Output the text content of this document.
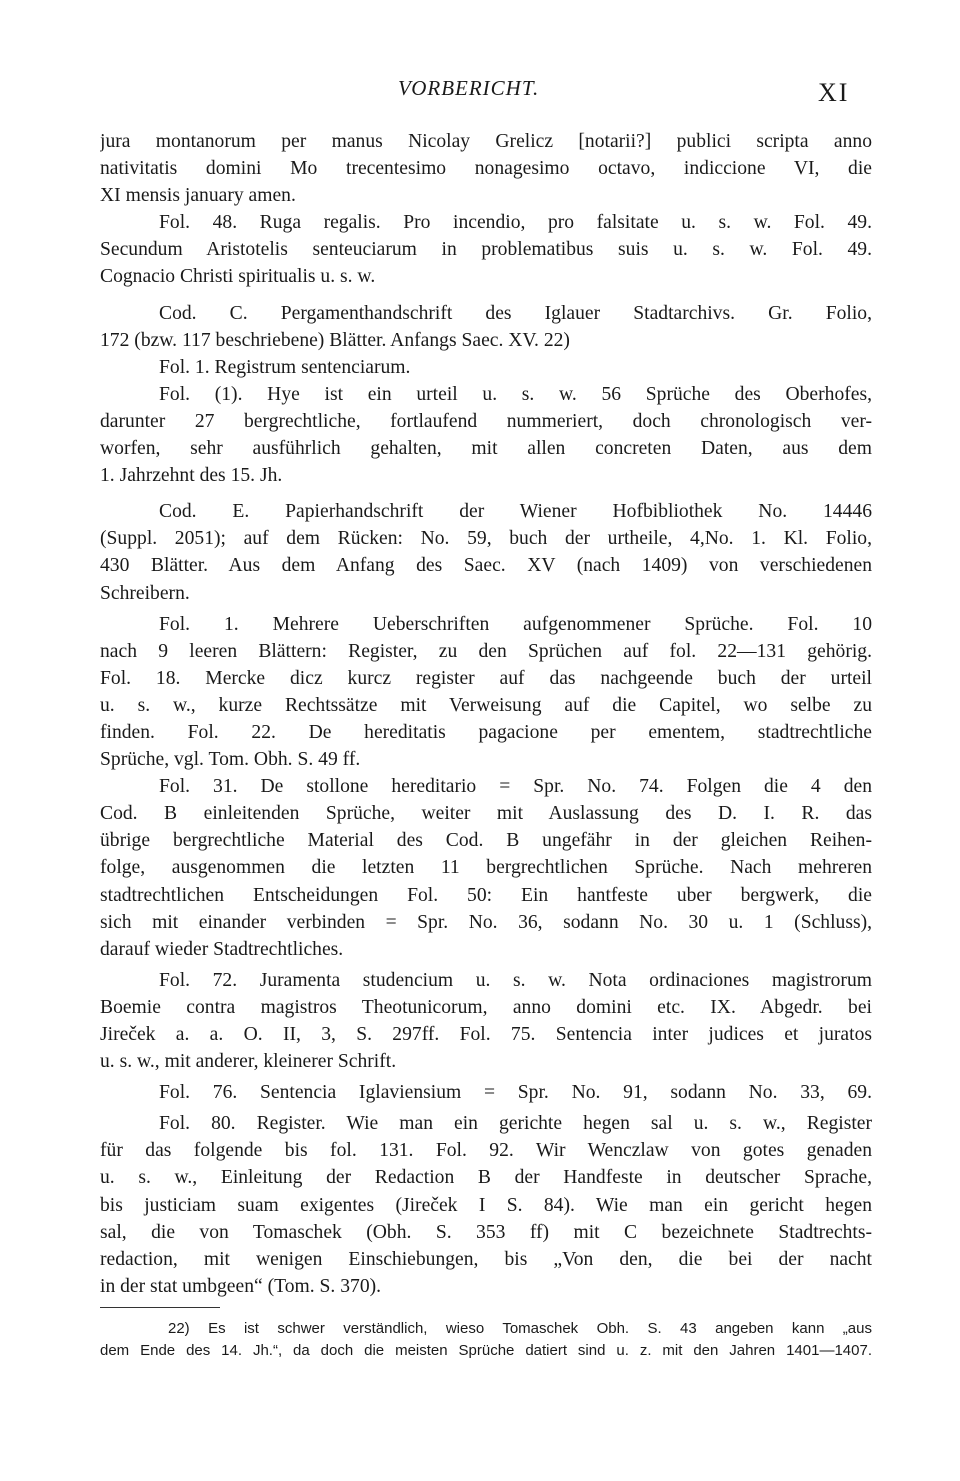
VORBERICHT.	XI
jura montanorum per manus Nicolay Grelicz [notarii?] publici scripta anno
nativitatis domini Mo trecentesimo nonagesimo octavo, indiccione VI, die
XI mensis january amen.
Fol. 48. Ruga regalis. Pro incendio, pro falsitate u. s. w. Fol. 49.
Secundum Aristotelis senteuciarum in problematibus suis u. s. w. Fol. 49.
Cognacio Christi spiritualis u. s. w.
Cod. C. Pergamenthandschrift des Iglauer Stadtarchivs. Gr. Folio,
172 (bzw. 117 beschriebene) Blätter. Anfangs Saec. XV. 22)
Fol. 1. Registrum sentenciarum.
Fol. (1). Hye ist ein urteil u. s. w. 56 Sprüche des Oberhofes,
darunter 27 bergrechtliche, fortlaufend nummeriert, doch chronologisch ver-
worfen, sehr ausführlich gehalten, mit allen concreten Daten, aus dem
1. Jahrzehnt des 15. Jh.
Cod. E. Papierhandschrift der Wiener Hofbibliothek No. 14446
(Suppl. 2051); auf dem Rücken: No. 59, buch der urtheile, 4,No. 1. Kl. Folio,
430 Blätter. Aus dem Anfang des Saec. XV (nach 1409) von verschiedenen
Schreibern.
Fol. 1. Mehrere Ueberschriften aufgenommener Sprüche. Fol. 10
nach 9 leeren Blättern: Register, zu den Sprüchen auf fol. 22—131 gehörig.
Fol. 18. Mercke dicz kurcz register auf das nachgeende buch der urteil
u. s. w., kurze Rechtssätze mit Verweisung auf die Capitel, wo selbe zu
finden. Fol. 22. De hereditatis pagacione per ementem, stadtrechtliche
Sprüche, vgl. Tom. Obh. S. 49 ff.
Fol. 31. De stollone hereditario = Spr. No. 74. Folgen die 4 den
Cod. B einleitenden Sprüche, weiter mit Auslassung des D. I. R. das
übrige bergrechtliche Material des Cod. B ungefähr in der gleichen Reihen-
folge, ausgenommen die letzten 11 bergrechtlichen Sprüche. Nach mehreren
stadtrechtlichen Entscheidungen Fol. 50: Ein hantfeste uber bergwerk, die
sich mit einander verbinden = Spr. No. 36, sodann No. 30 u. 1 (Schluss),
darauf wieder Stadtrechtliches.
Fol. 72. Juramenta studencium u. s. w. Nota ordinaciones magistrorum
Boemie contra magistros Theotunicorum, anno domini etc. IX. Abgedr. bei
Jireček a. a. O. II, 3, S. 297ff. Fol. 75. Sentencia inter judices et juratos
u. s. w., mit anderer, kleinerer Schrift.
Fol. 76. Sentencia Iglaviensium = Spr. No. 91, sodann No. 33, 69.
Fol. 80. Register. Wie man ein gerichte hegen sal u. s. w., Register
für das folgende bis fol. 131. Fol. 92. Wir Wenczlaw von gotes genaden
u. s. w., Einleitung der Redaction B der Handfeste in deutscher Sprache,
bis justiciam suam exigentes (Jireček I S. 84). Wie man ein gericht hegen
sal, die von Tomaschek (Obh. S. 353 ff) mit C bezeichnete Stadtrechts-
redaction, mit wenigen Einschiebungen, bis „Von den, die bei der nacht
in der stat umbgeen“ (Tom. S. 370).
22) Es ist schwer verständlich, wieso Tomaschek Obh. S. 43 angeben kann „aus
dem Ende des 14. Jh.“, da doch die meisten Sprüche datiert sind u. z. mit den Jahren 1401—1407.
